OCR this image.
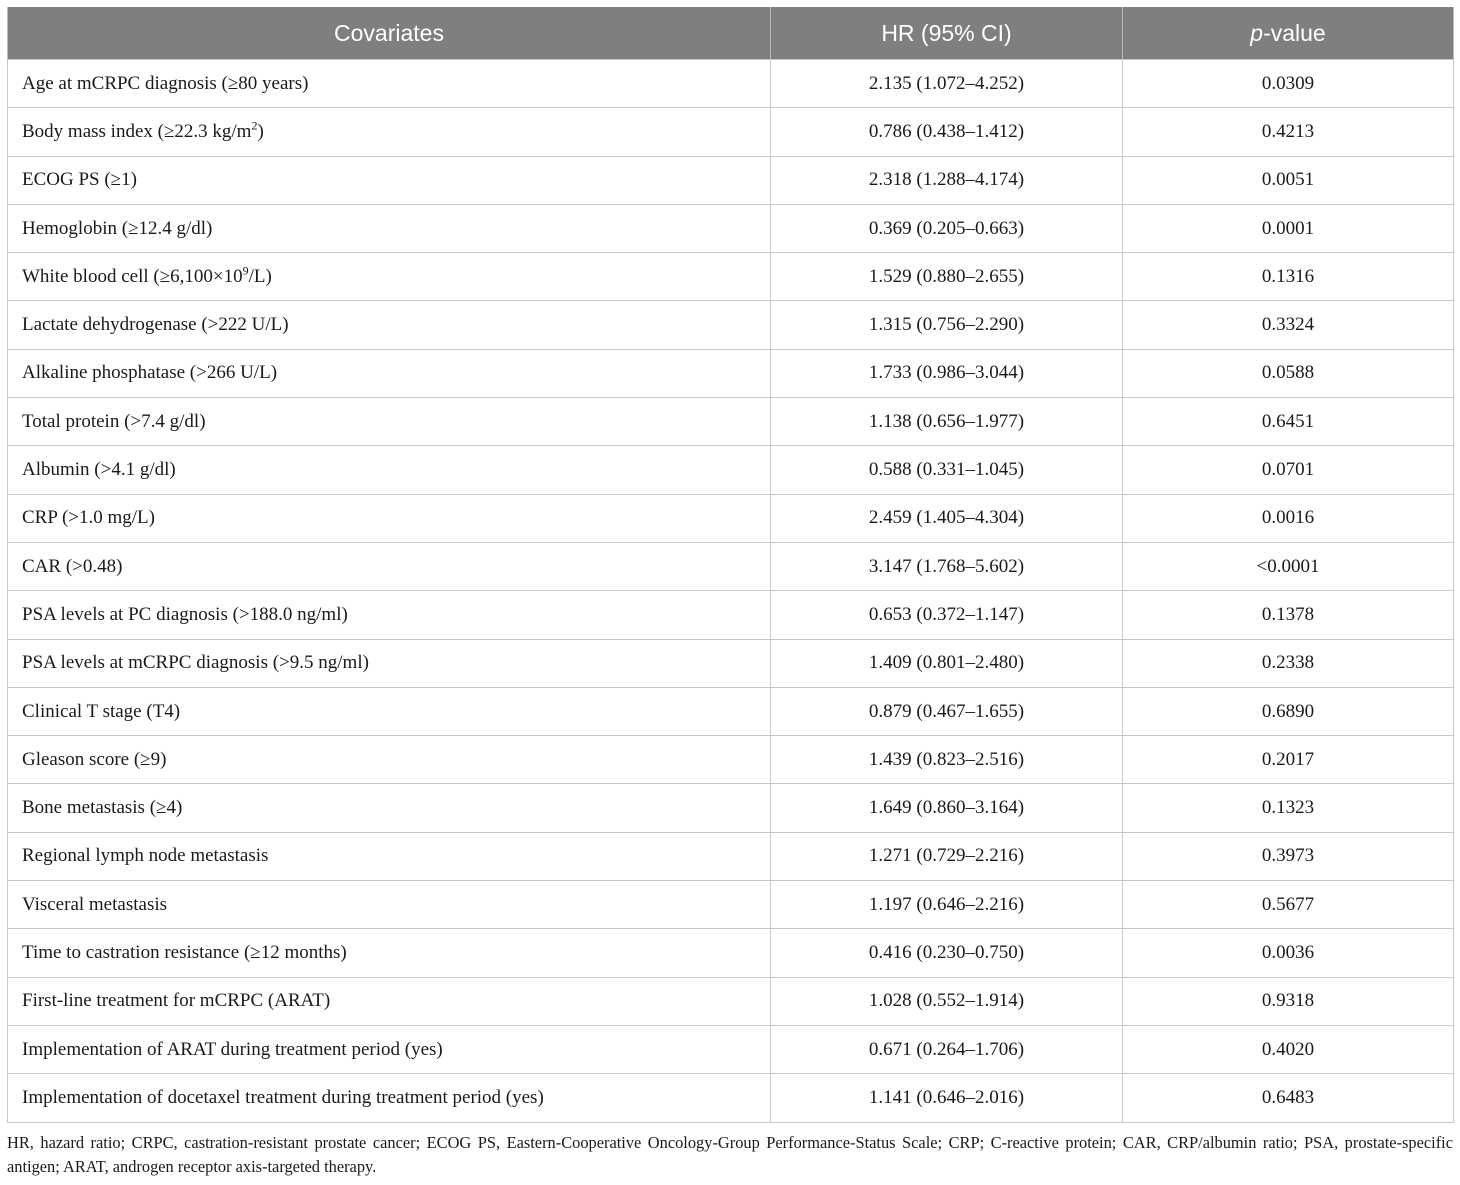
Covariates	HR (95% CI)	p-value
Age at mCRPC diagnosis (≥80 years)	2.135 (1.072–4.252)	0.0309
Body mass index (≥22.3 $kg/m^2$)	0.786 (0.438–1.412)	0.4213
ECOG PS (≥1)	2.318 (1.288–4.174)	0.0051
Hemoglobin (≥12.4 g/dl)	0.369 (0.205–0.663)	0.0001
White blood cell $(\ge 6,100\times 10^9/L)$	1.529 (0.880–2.655)	0.1316
Lactate dehydrogenase (>222 U/L)	1.315 (0.756–2.290)	0.3324
Alkaline phosphatase (>266 U/L)	1.733 (0.986–3.044)	0.0588
Total protein (>7.4 g/dl)	1.138 (0.656–1.977)	0.6451
Albumin (>4.1 g/dl)	0.588 (0.331–1.045)	0.0701
CRP (>1.0 mg/L)	2.459 (1.405–4.304)	0.0016
CAR (>0.48)	3.147 (1.768–5.602)	<0.0001
PSA levels at PC diagnosis (>188.0 ng/ml)	0.653 (0.372–1.147)	0.1378
PSA levels at mCRPC diagnosis (>9.5 ng/ml)	1.409 (0.801–2.480)	0.2338
Clinical T stage (T4)	0.879 (0.467–1.655)	0.6890
Gleason score (≥9)	1.439 (0.823–2.516)	0.2017
Bone metastasis (≥4)	1.649 (0.860–3.164)	0.1323
Regional lymph node metastasis	1.271 (0.729–2.216)	0.3973
Visceral metastasis	1.197 (0.646–2.216)	0.5677
Time to castration resistance (≥12 months)	0.416 (0.230–0.750)	0.0036
First-line treatment for mCRPC (ARAT)	1.028 (0.552–1.914)	0.9318
Implementation of ARAT during treatment period (yes)	0.671 (0.264–1.706)	0.4020
Implementation of docetaxel treatment during treatment period (yes)	1.141 (0.646–2.016)	0.6483
HR, hazard ratio; CRPC, castration-resistant prostate cancer; ECOG PS, Eastern-Cooperative Oncology-Group Performance-Status Scale; CRP; C-reactive protein; CAR, CRP/albumin ratio; PSA, prostate-specific antigen; ARAT, androgen receptor axis-targeted therapy.
